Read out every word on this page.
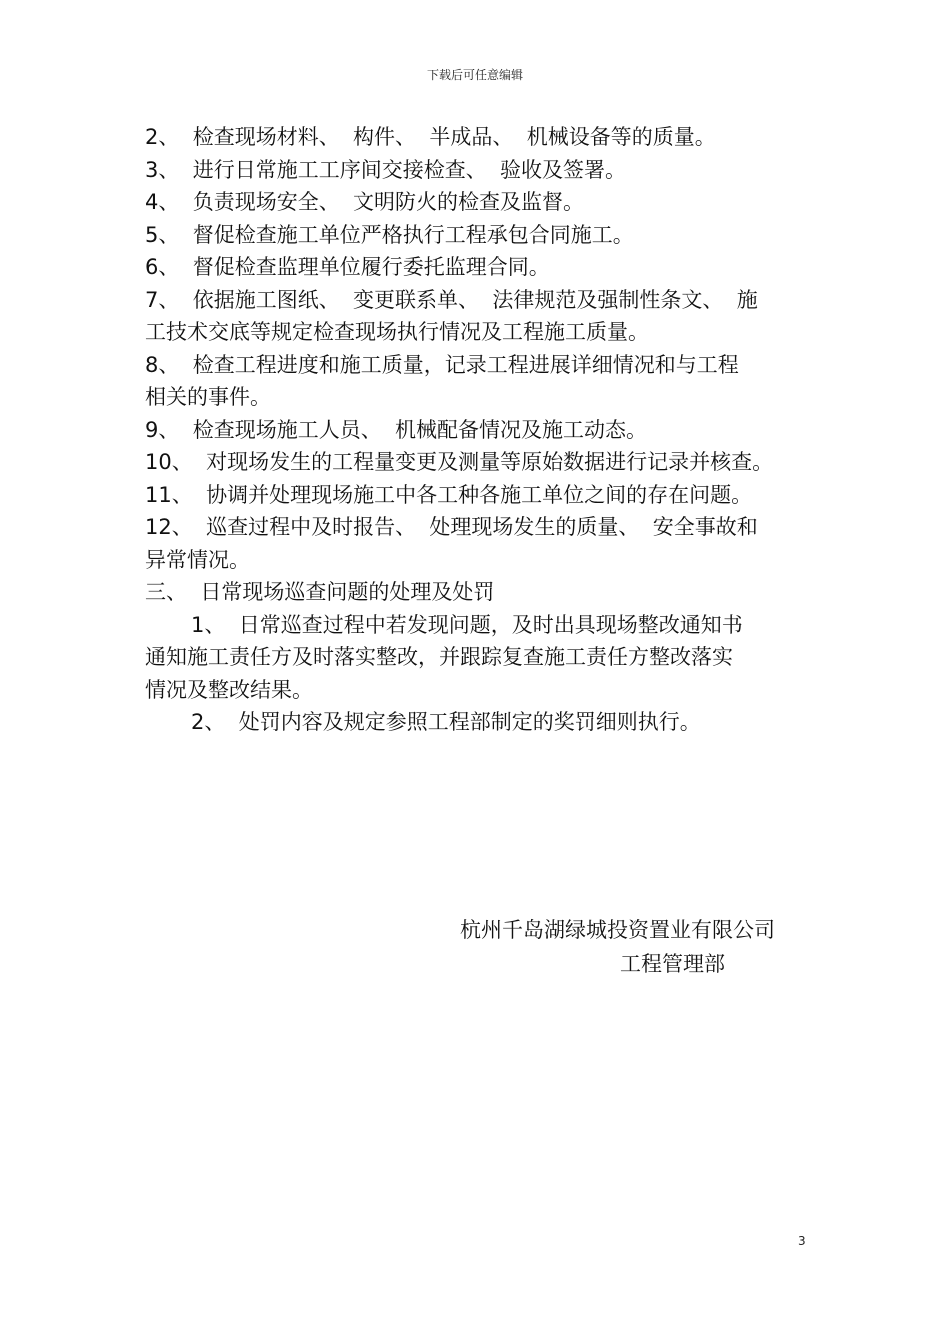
下载后可任意编辑

2、  检查现场材料、  构件、  半成品、  机械设备等的质量。

3、  进行日常施工工序间交接检查、  验收及签署。

4、  负责现场安全、  文明防火的检查及监督。

5、  督促检查施工单位严格执行工程承包合同施工。

6、  督促检查监理单位履行委托监理合同。

7、  依据施工图纸、  变更联系单、  法律规范及强制性条文、  施

工技术交底等规定检查现场执行情况及工程施工质量。

8、  检查工程进度和施工质量，记录工程进展详细情况和与工程

相关的事件。

9、  检查现场施工人员、  机械配备情况及施工动态。

10、  对现场发生的工程量变更及测量等原始数据进行记录并核查。

11、  协调并处理现场施工中各工种各施工单位之间的存在问题。

12、  巡查过程中及时报告、  处理现场发生的质量、  安全事故和

异常情况。

三、  日常现场巡查问题的处理及处罚

1、  日常巡查过程中若发现问题，及时出具现场整改通知书

通知施工责任方及时落实整改，并跟踪复查施工责任方整改落实

情况及整改结果。

2、  处罚内容及规定参照工程部制定的奖罚细则执行。

杭州千岛湖绿城投资置业有限公司
工程管理部
3
